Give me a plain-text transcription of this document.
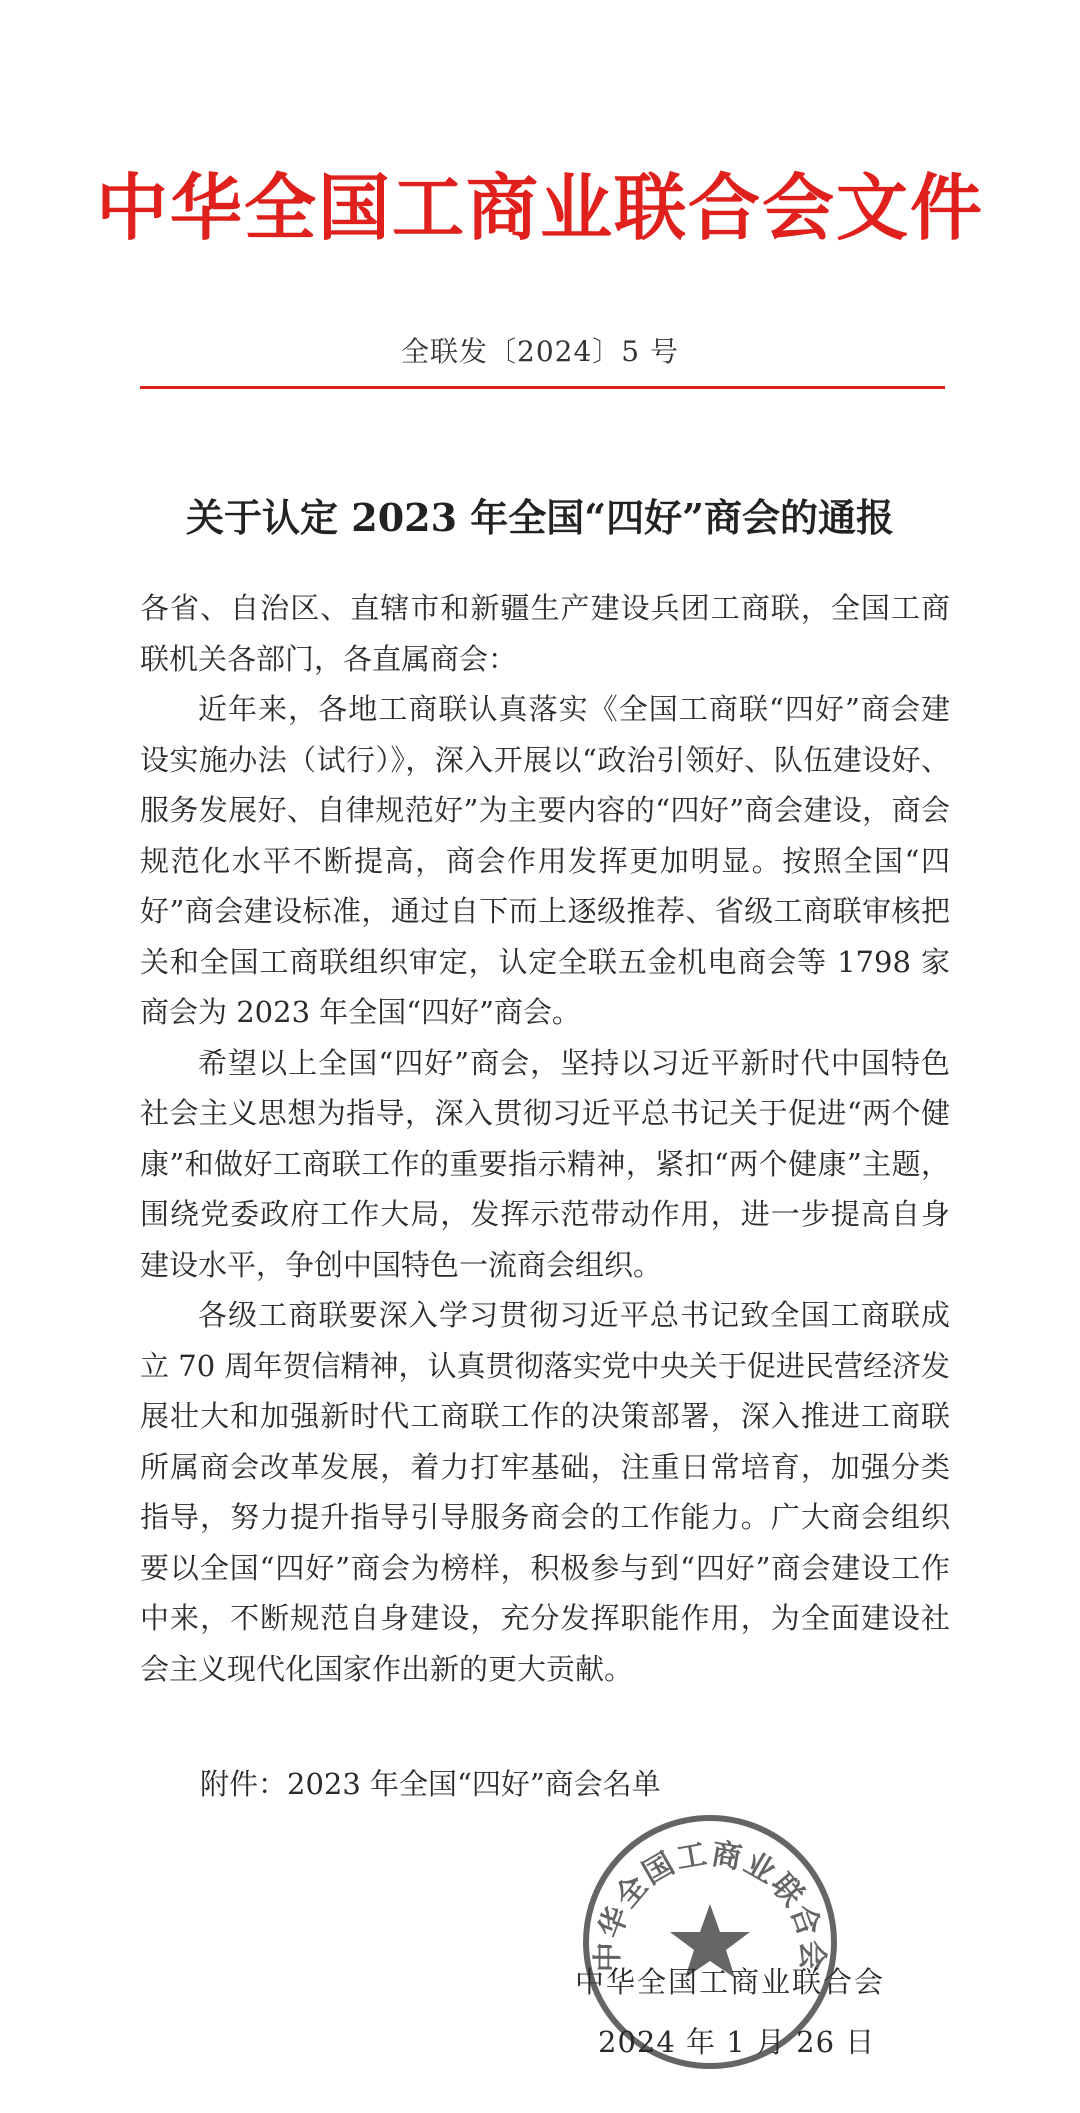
中华全国工商业联合会文件
全联发〔2024〕5 号
关于认定 2023 年全国“四好”商会的通报

各省、自治区、直辖市和新疆生产建设兵团工商联，全国工商联机关各部门，各直属商会：

近年来，各地工商联认真落实《全国工商联“四好”商会建设实施办法（试行）》，深入开展以“政治引领好、队伍建设好、服务发展好、自律规范好”为主要内容的“四好”商会建设，商会规范化水平不断提高，商会作用发挥更加明显。按照全国“四好”商会建设标准，通过自下而上逐级推荐、省级工商联审核把关和全国工商联组织审定，认定全联五金机电商会等 1798 家商会为 2023 年全国“四好”商会。

希望以上全国“四好”商会，坚持以习近平新时代中国特色社会主义思想为指导，深入贯彻习近平总书记关于促进“两个健康”和做好工商联工作的重要指示精神，紧扣“两个健康”主题，围绕党委政府工作大局，发挥示范带动作用，进一步提高自身建设水平，争创中国特色一流商会组织。

各级工商联要深入学习贯彻习近平总书记致全国工商联成立 70 周年贺信精神，认真贯彻落实党中央关于促进民营经济发展壮大和加强新时代工商联工作的决策部署，深入推进工商联所属商会改革发展，着力打牢基础，注重日常培育，加强分类指导，努力提升指导引导服务商会的工作能力。广大商会组织要以全国“四好”商会为榜样，积极参与到“四好”商会建设工作中来，不断规范自身建设，充分发挥职能作用，为全面建设社会主义现代化国家作出新的更大贡献。

附件：2023 年全国“四好”商会名单
中华全国工商业联合会
中华全国工商业联合会
2024 年 1 月 26 日
